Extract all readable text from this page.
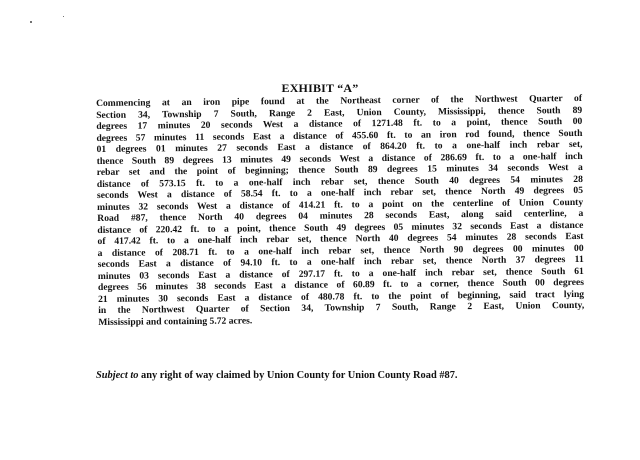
EXHIBIT “A”
Commencing at an iron pipe found at the Northeast corner of the Northwest Quarter of
Section 34, Township 7 South, Range 2 East, Union County, Mississippi, thence South 89
degrees 17 minutes 20 seconds West a distance of 1271.48 ft. to a point, thence South 00
degrees 57 minutes 11 seconds East a distance of 455.60 ft. to an iron rod found, thence South
01 degrees 01 minutes 27 seconds East a distance of 864.20 ft. to a one-half inch rebar set,
thence South 89 degrees 13 minutes 49 seconds West a distance of 286.69 ft. to a one-half inch
rebar set and the point of beginning; thence South 89 degrees 15 minutes 34 seconds West a
distance of 573.15 ft. to a one-half inch rebar set, thence South 40 degrees 54 minutes 28
seconds West a distance of 58.54 ft. to a one-half inch rebar set, thence North 49 degrees 05
minutes 32 seconds West a distance of 414.21 ft. to a point on the centerline of Union County
Road #87, thence North 40 degrees 04 minutes 28 seconds East, along said centerline, a
distance of 220.42 ft. to a point, thence South 49 degrees 05 minutes 32 seconds East a distance
of 417.42 ft. to a one-half inch rebar set, thence North 40 degrees 54 minutes 28 seconds East
a distance of 208.71 ft. to a one-half inch rebar set, thence North 90 degrees 00 minutes 00
seconds East a distance of 94.10 ft. to a one-half inch rebar set, thence North 37 degrees 11
minutes 03 seconds East a distance of 297.17 ft. to a one-half inch rebar set, thence South 61
degrees 56 minutes 38 seconds East a distance of 60.89 ft. to a corner, thence South 00 degrees
21 minutes 30 seconds East a distance of 480.78 ft. to the point of beginning, said tract lying
in the Northwest Quarter of Section 34, Township 7 South, Range 2 East, Union County,
Mississippi and containing 5.72 acres.

Subject to any right of way claimed by Union County for Union County Road #87.
